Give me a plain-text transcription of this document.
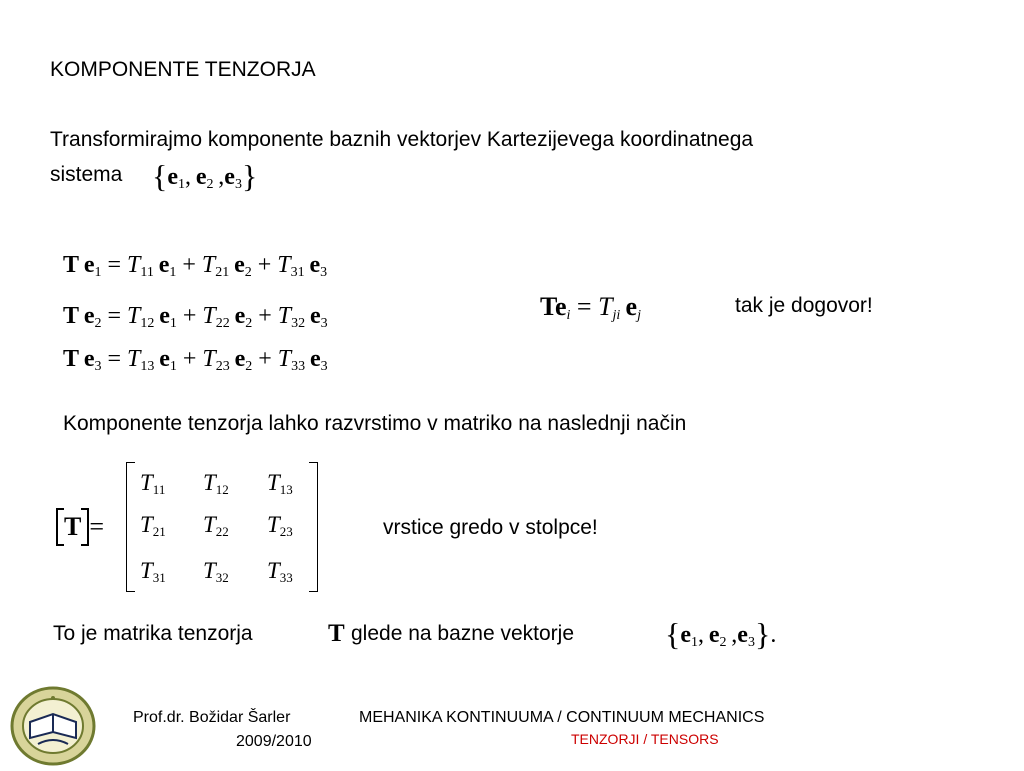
KOMPONENTE TENZORJA
Transformirajmo komponente baznih vektorjev Kartezijevega koordinatnega
sistema {$e_1$, $e_2$ $,e_3$}
T  $e_1 = T_{11}$  $e_1 + T_{21}$  $e_2 + T_{31}$  $e_3$
T  $e_2 = T_{12}$  $e_1 + T_{22}$  $e_2 + T_{32}$  $e_3$
T  $e_3 = T_{13}$  $e_1 + T_{23}$  $e_2 + T_{33}$  $e_3$
$Te_i = T_{ji}$  $e_j$	tak je dogovor!
Komponente tenzorja lahko razvrstimo v matriko na naslednji način
T =
$T_{11}$ $T_{12}$ $T_{13}$
$T_{21}$ $T_{22}$ $T_{23}$
$T_{31}$ $T_{32}$ $T_{33}$
vrstice gredo v stolpce!
To je matrika tenzorja	T glede na bazne vektorje	{$e_1$, $e_2$ $,e_3$}.
Prof.dr. Božidar Šarler
2009/2010
MEHANIKA KONTINUUMA / CONTINUUM MECHANICS
TENZORJI / TENSORS
